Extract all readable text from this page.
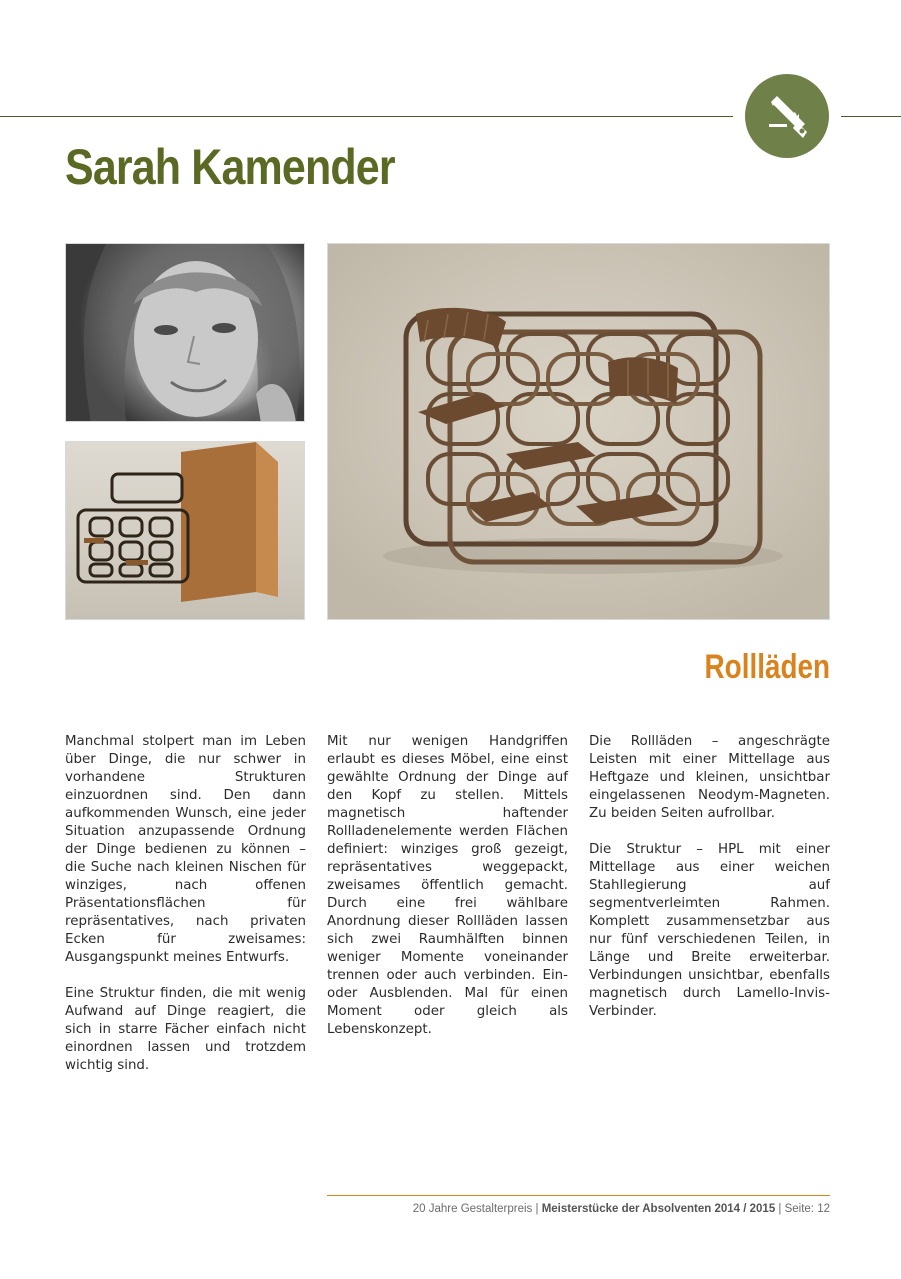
Sarah Kamender
Rollläden

Manchmal stolpert man im Leben über Dinge, die nur schwer in vorhandene Strukturen einzuordnen sind. Den dann aufkommenden Wunsch, eine jeder Situation anzupassende Ordnung der Dinge bedienen zu können – die Suche nach kleinen Nischen für winziges, nach offenen Präsentationsflächen für repräsentatives, nach privaten Ecken für zweisames: Ausgangspunkt meines Entwurfs.

Eine Struktur finden, die mit wenig Aufwand auf Dinge reagiert, die sich in starre Fächer einfach nicht einordnen lassen und trotzdem wichtig sind.

Mit nur wenigen Handgriffen erlaubt es dieses Möbel, eine einst gewählte Ordnung der Dinge auf den Kopf zu stellen. Mittels magnetisch haftender Rollladenelemente werden Flächen definiert: winziges groß gezeigt, repräsentatives weggepackt, zweisames öffentlich gemacht. Durch eine frei wählbare Anordnung dieser Rollläden lassen sich zwei Raumhälften binnen weniger Momente voneinander trennen oder auch verbinden. Ein- oder Ausblenden. Mal für einen Moment oder gleich als Lebenskonzept.

Die Rollläden – angeschrägte Leisten mit einer Mittellage aus Heftgaze und kleinen, unsichtbar eingelassenen Neodym-Magneten. Zu beiden Seiten aufrollbar.

Die Struktur – HPL mit einer Mittellage aus einer weichen Stahllegierung auf segmentverleimten Rahmen. Komplett zusammensetzbar aus nur fünf verschiedenen Teilen, in Länge und Breite erweiterbar. Verbindungen unsichtbar, ebenfalls magnetisch durch Lamello-Invis-Verbinder.

20 Jahre Gestalterpreis | Meisterstücke der Absolventen 2014 / 2015 | Seite: 12
